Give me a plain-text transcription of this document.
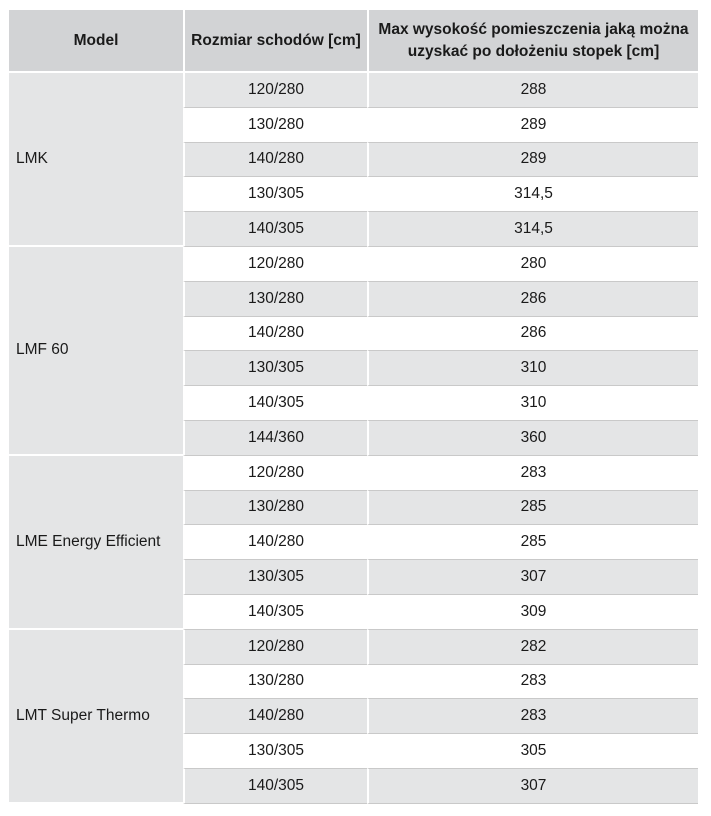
Model	Rozmiar schodów [cm]	Max wysokość pomieszczenia jaką można uzyskać po dołożeniu stopek [cm]
LMK	120/280	288
	130/280	289
	140/280	289
	130/305	314,5
	140/305	314,5
LMF 60	120/280	280
	130/280	286
	140/280	286
	130/305	310
	140/305	310
	144/360	360
LME Energy Efficient	120/280	283
	130/280	285
	140/280	285
	130/305	307
	140/305	309
LMT Super Thermo	120/280	282
	130/280	283
	140/280	283
	130/305	305
	140/305	307
